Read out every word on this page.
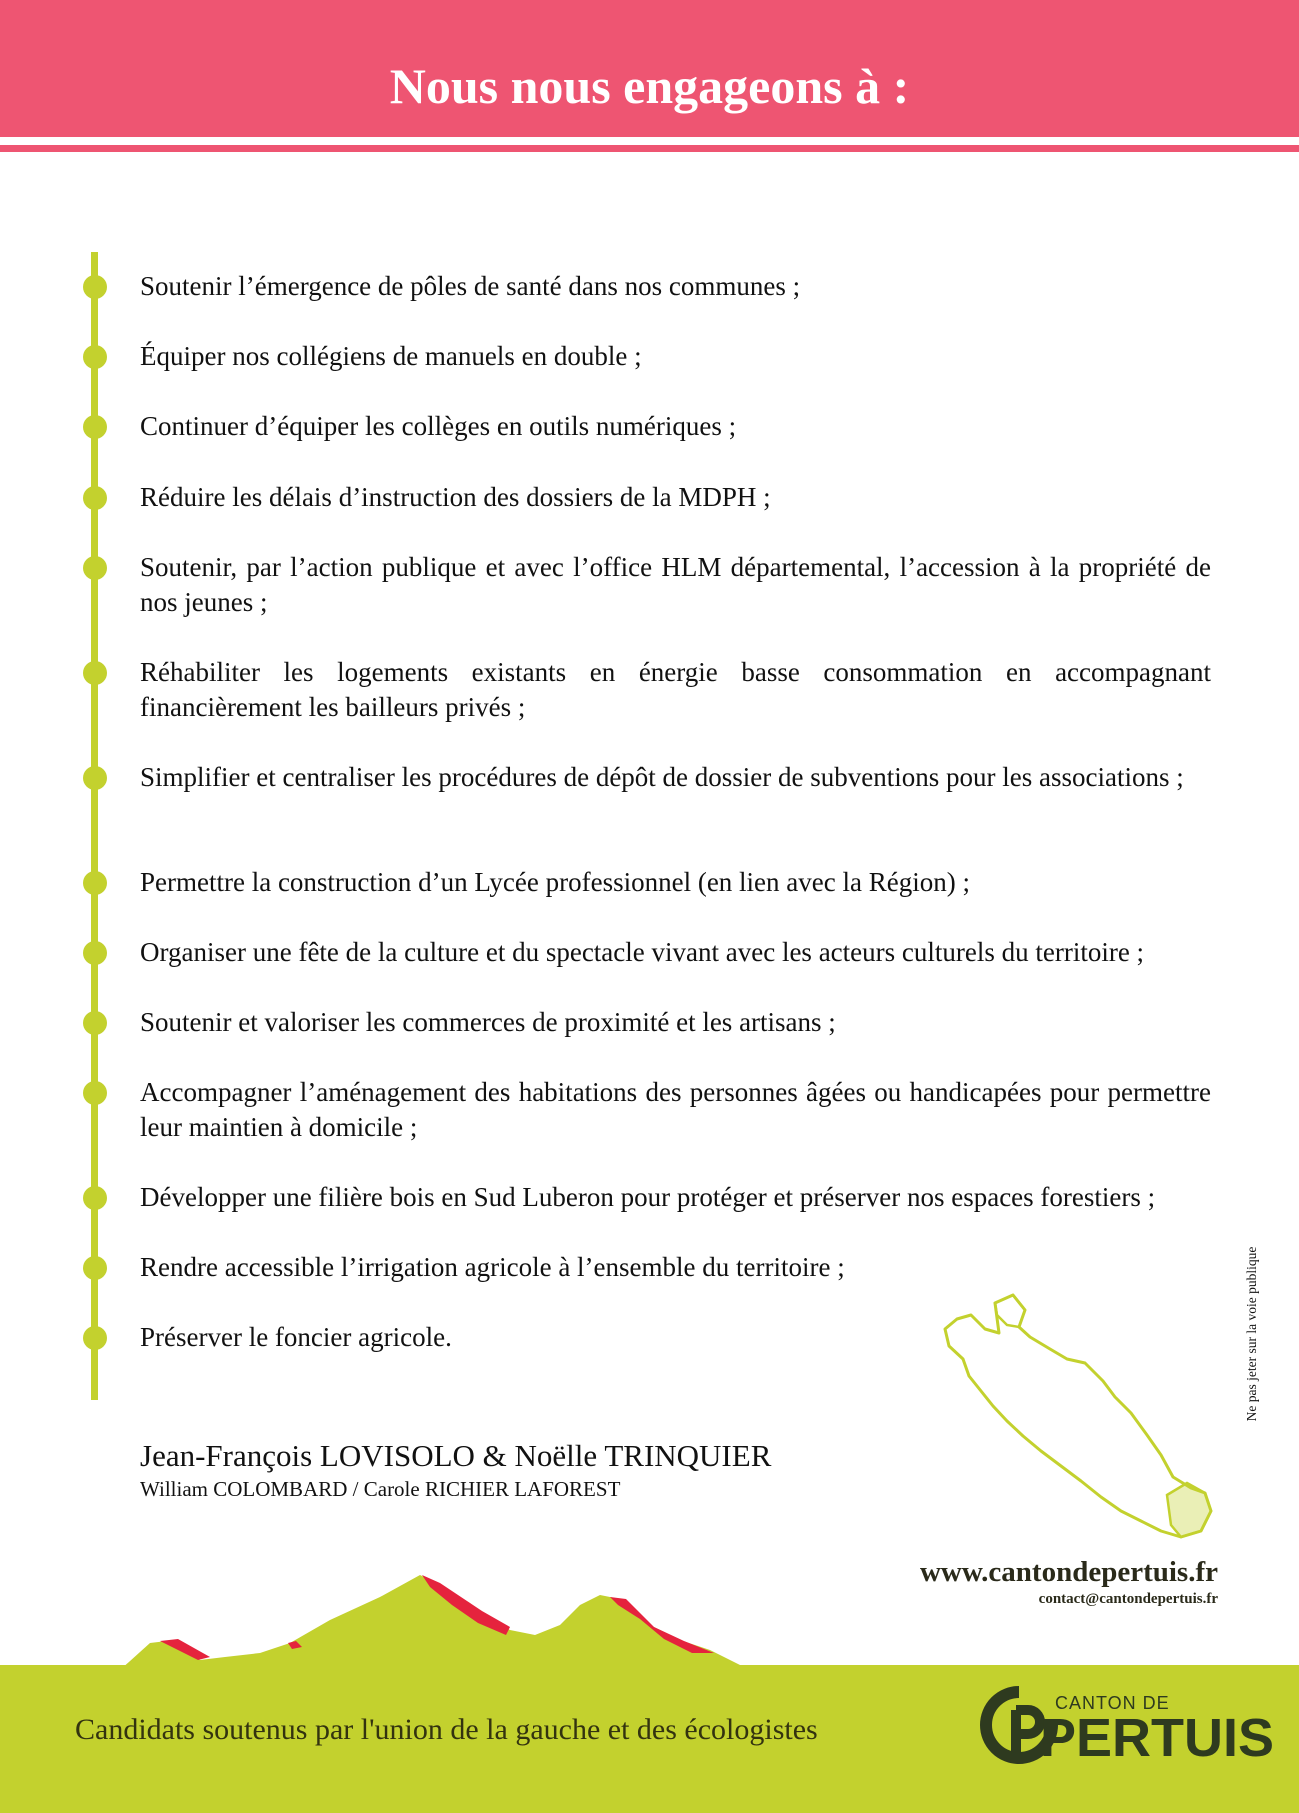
Nous nous engageons à :
Soutenir l’émergence de pôles de santé dans nos communes ;
Équiper nos collégiens de manuels en double ;
Continuer d’équiper les collèges en outils numériques ;
Réduire les délais d’instruction des dossiers de la MDPH ;
Soutenir, par l’action publique et avec l’office HLM départemental, l’accession à la propriété de nos jeunes ;
Réhabiliter les logements existants en énergie basse consommation en accompagnant financièrement les bailleurs privés ;
Simplifier et centraliser les procédures de dépôt de dossier de subventions pour les associations ;
Permettre la construction d’un Lycée professionnel (en lien avec la Région) ;
Organiser une fête de la culture et du spectacle vivant avec les acteurs culturels du territoire ;
Soutenir et valoriser les commerces de proximité et les artisans ;
Accompagner l’aménagement des habitations des personnes âgées ou handicapées pour permettre leur maintien à domicile ;
Développer une filière bois en Sud Luberon pour protéger et préserver nos espaces forestiers ;
Rendre accessible l’irrigation agricole à l’ensemble du territoire ;
Préserver le foncier agricole.
Jean-François LOVISOLO & Noëlle TRINQUIER
William COLOMBARD / Carole RICHIER LAFOREST
Ne pas jeter sur la voie publique
www.cantondepertuis.fr
contact@cantondepertuis.fr
Candidats soutenus par l'union de la gauche et des écologistes
CANTON DE
PERTUIS
